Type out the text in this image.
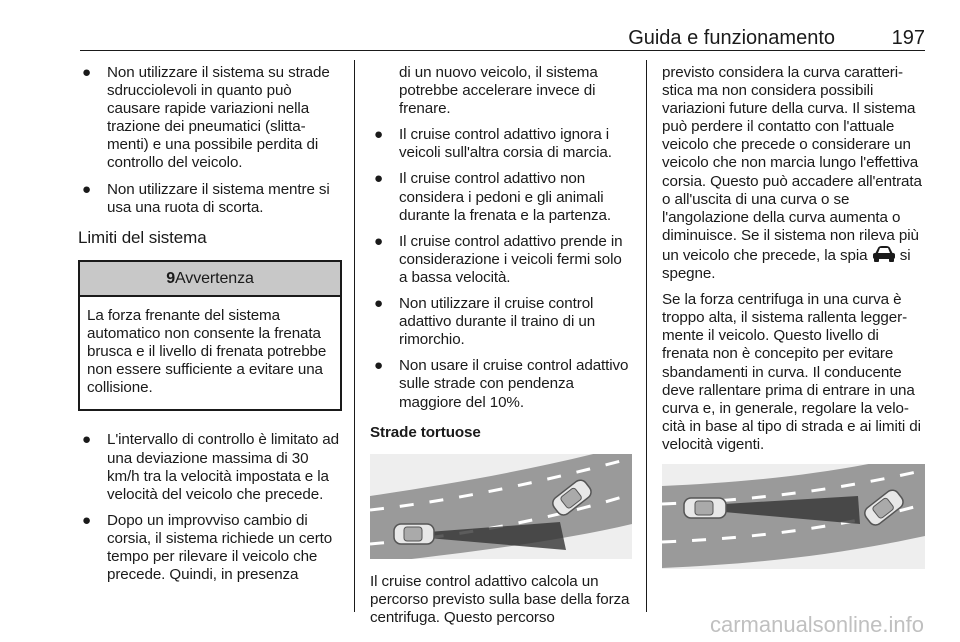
Guida e funzionamento	197
● Non utilizzare il sistema su strade sdrucciolevoli in quanto può causare rapide variazioni nella trazione dei pneumatici (slittamenti) e una possibile perdita di controllo del veicolo.
● Non utilizzare il sistema mentre si usa una ruota di scorta.
Limiti del sistema
9Avvertenza
La forza frenante del sistema automatico non consente la frenata brusca e il livello di frenata potrebbe non essere sufficiente a evitare una collisione.
● L'intervallo di controllo è limitato ad una deviazione massima di 30 km/h tra la velocità impostata e la velocità del veicolo che precede.
● Dopo un improvviso cambio di corsia, il sistema richiede un certo tempo per rilevare il veicolo che precede. Quindi, in presenza

di un nuovo veicolo, il sistema potrebbe accelerare invece di frenare.

● Il cruise control adattivo ignora i veicoli sull'altra corsia di marcia.
● Il cruise control adattivo non considera i pedoni e gli animali durante la frenata e la partenza.
● Il cruise control adattivo prende in considerazione i veicoli fermi solo a bassa velocità.
● Non utilizzare il cruise control adattivo durante il traino di un rimorchio.
● Non usare il cruise control adattivo sulle strade con pendenza maggiore del 10%.
Strade tortuose

Il cruise control adattivo calcola un percorso previsto sulla base della forza centrifuga. Questo percorso

previsto considera la curva caratteristica ma non considera possibili variazioni future della curva. Il sistema può perdere il contatto con l'attuale veicolo che precede o considerare un veicolo che non marcia lungo l'effettiva corsia. Questo può accadere all'entrata o all'uscita di una curva o se l'angolazione della curva aumenta o diminuisce. Se il sistema non rileva più un veicolo che precede, la spia si spegne.

Se la forza centrifuga in una curva è troppo alta, il sistema rallenta leggermente il veicolo. Questo livello di frenata non è concepito per evitare sbandamenti in curva. Il conducente deve rallentare prima di entrare in una curva e, in generale, regolare la velocità in base al tipo di strada e ai limiti di velocità vigenti.

carmanualsonline.info
